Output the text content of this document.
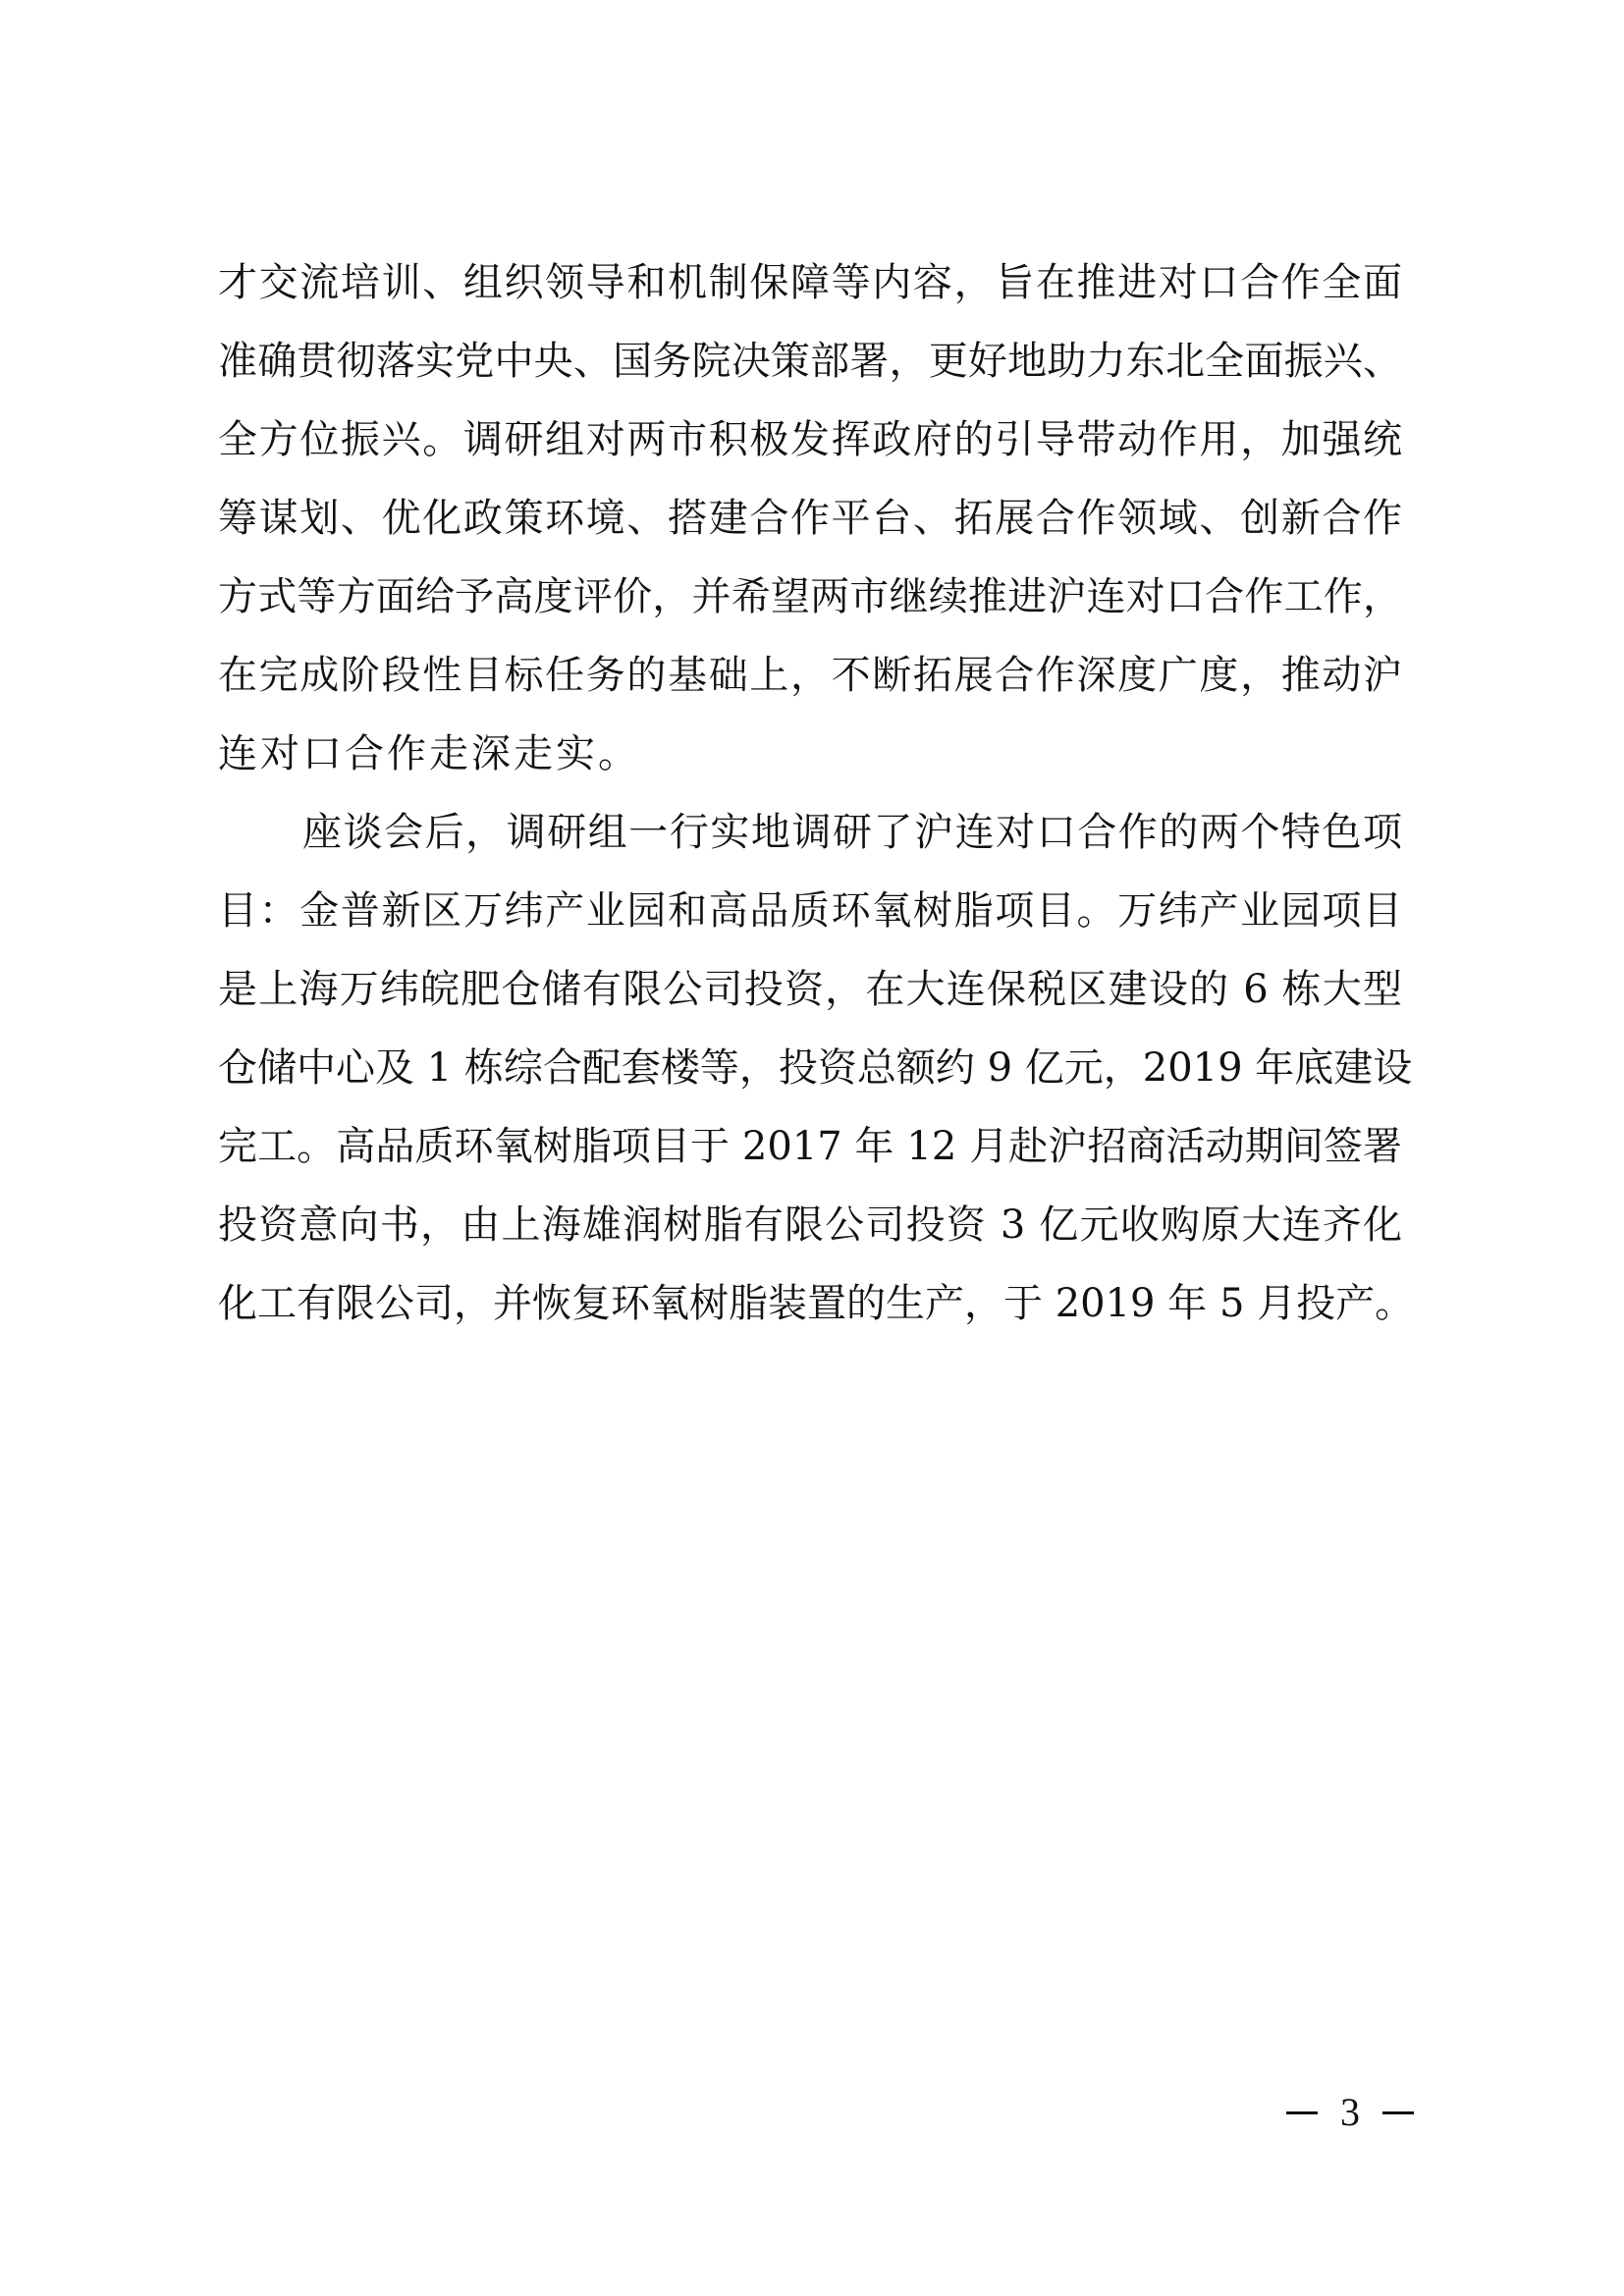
才交流培训、组织领导和机制保障等内容，旨在推进对口合作全面
准确贯彻落实党中央、国务院决策部署，更好地助力东北全面振兴、
全方位振兴。调研组对两市积极发挥政府的引导带动作用，加强统
筹谋划、优化政策环境、搭建合作平台、拓展合作领域、创新合作
方式等方面给予高度评价，并希望两市继续推进沪连对口合作工作，
在完成阶段性目标任务的基础上，不断拓展合作深度广度，推动沪
连对口合作走深走实。
座谈会后，调研组一行实地调研了沪连对口合作的两个特色项
目：金普新区万纬产业园和高品质环氧树脂项目。万纬产业园项目
是上海万纬皖肥仓储有限公司投资，在大连保税区建设的 6 栋大型
仓储中心及 1 栋综合配套楼等，投资总额约 9 亿元，2019 年底建设
完工。高品质环氧树脂项目于 2017 年 12 月赴沪招商活动期间签署
投资意向书，由上海雄润树脂有限公司投资 3 亿元收购原大连齐化
化工有限公司，并恢复环氧树脂装置的生产，于 2019 年 5 月投产。
3
